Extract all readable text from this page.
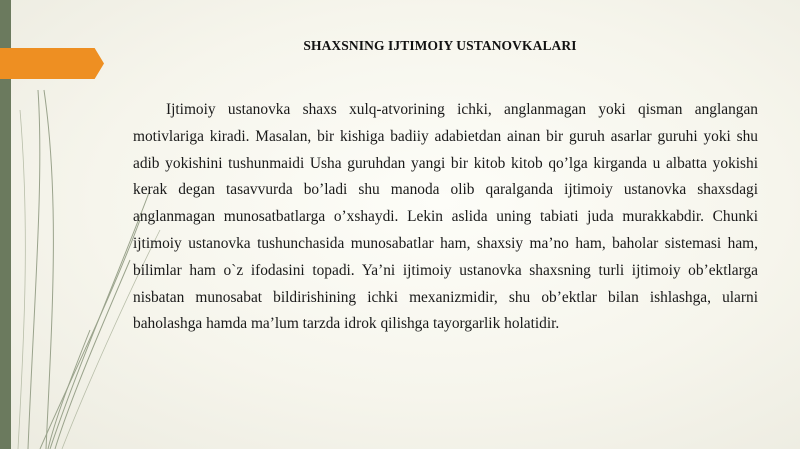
SHAXSNING IJTIMOIY USTANOVKALARI

Ijtimoiy ustanovka shaxs xulq-atvorining ichki, anglanmagan yoki qisman anglangan motivlariga kiradi. Masalan, bir kishiga badiiy adabietdan ainan bir guruh asarlar guruhi yoki shu adib yokishini tushunmaidi Usha guruhdan yangi bir kitob kitob qo’lga kirganda u albatta yokishi kerak degan tasavvurda bo’ladi shu manoda olib qaralganda ijtimoiy ustanovka shaxsdagi anglanmagan munosatbatlarga o’xshaydi. Lekin aslida uning tabiati juda murakkabdir. Chunki ijtimoiy ustanovka tushunchasida munosabatlar ham, shaxsiy ma’no ham, baholar sistemasi ham, bilimlar ham o`z ifodasini topadi. Ya’ni ijtimoiy ustanovka shaxsning turli ijtimoiy ob’ektlarga nisbatan munosabat bildirishining ichki mexanizmidir, shu ob’ektlar bilan ishlashga, ularni baholashga hamda ma’lum tarzda idrok qilishga tayorgarlik holatidir.
